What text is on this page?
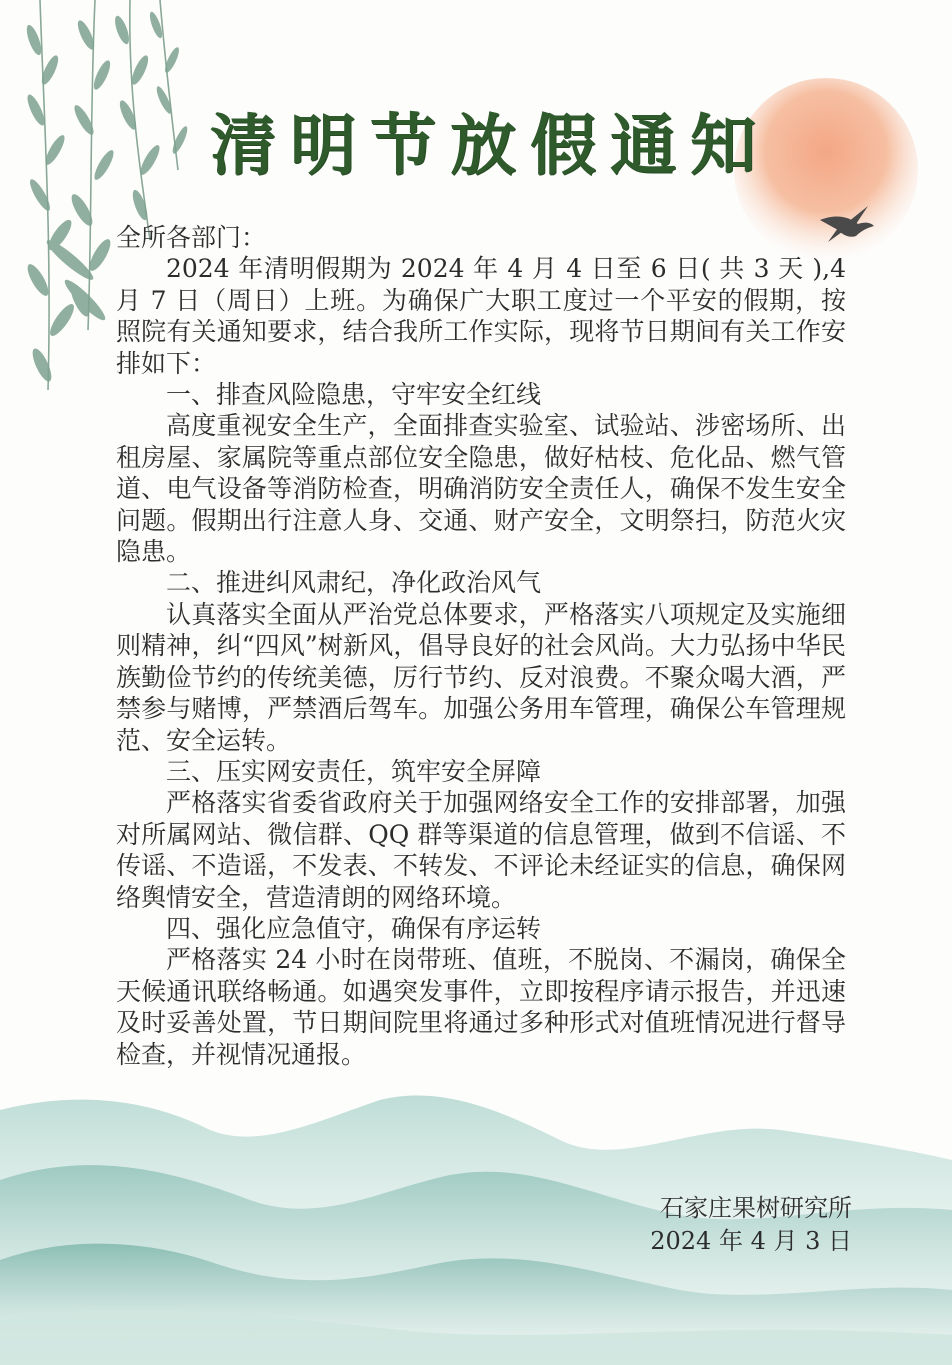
清明节放假通知

全所各部门：

2024 年清明假期为 2024 年 4 月 4 日至 6 日( 共 3 天 ),4 月 7 日（周日）上班。为确保广大职工度过一个平安的假期，按照院有关通知要求，结合我所工作实际，现将节日期间有关工作安排如下：

一、排查风险隐患，守牢安全红线

高度重视安全生产，全面排查实验室、试验站、涉密场所、出租房屋、家属院等重点部位安全隐患，做好枯枝、危化品、燃气管道、电气设备等消防检查，明确消防安全责任人，确保不发生安全问题。假期出行注意人身、交通、财产安全，文明祭扫，防范火灾隐患。

二、推进纠风肃纪，净化政治风气

认真落实全面从严治党总体要求，严格落实八项规定及实施细则精神，纠“四风”树新风，倡导良好的社会风尚。大力弘扬中华民族勤俭节约的传统美德，厉行节约、反对浪费。不聚众喝大酒，严禁参与赌博，严禁酒后驾车。加强公务用车管理，确保公车管理规范、安全运转。

三、压实网安责任，筑牢安全屏障

严格落实省委省政府关于加强网络安全工作的安排部署，加强对所属网站、微信群、QQ 群等渠道的信息管理，做到不信谣、不传谣、不造谣，不发表、不转发、不评论未经证实的信息，确保网络舆情安全，营造清朗的网络环境。

四、强化应急值守，确保有序运转

严格落实 24 小时在岗带班、值班，不脱岗、不漏岗，确保全天候通讯联络畅通。如遇突发事件，立即按程序请示报告，并迅速及时妥善处置，节日期间院里将通过多种形式对值班情况进行督导检查，并视情况通报。

石家庄果树研究所
2024 年 4 月 3 日
